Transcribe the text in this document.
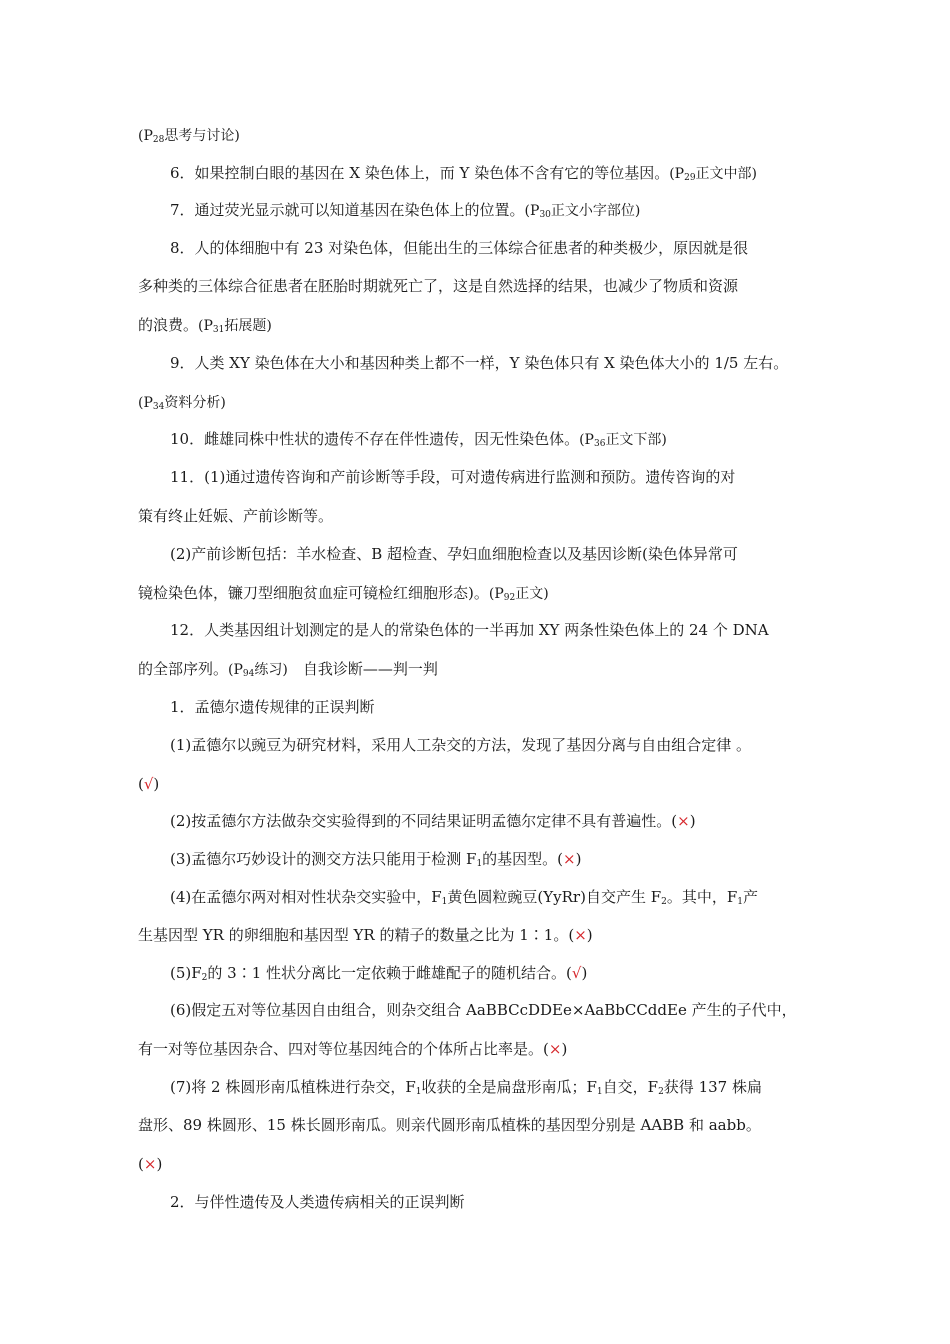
($P_{28}$思考与讨论)
6．如果控制白眼的基因在 X 染色体上，而 Y 染色体不含有它的等位基因。($P_{29}$正文中部)
7．通过荧光显示就可以知道基因在染色体上的位置。($P_{30}$正文小字部位)
8．人的体细胞中有 23 对染色体，但能出生的三体综合征患者的种类极少，原因就是很
多种类的三体综合征患者在胚胎时期就死亡了，这是自然选择的结果，也减少了物质和资源
的浪费。($P_{31}$拓展题)
9．人类 XY 染色体在大小和基因种类上都不一样，Y 染色体只有 X 染色体大小的 1/5 左右。
($P_{34}$资料分析)
10．雌雄同株中性状的遗传不存在伴性遗传，因无性染色体。($P_{36}$正文下部)
11．(1)通过遗传咨询和产前诊断等手段，可对遗传病进行监测和预防。遗传咨询的对
策有终止妊娠、产前诊断等。
(2)产前诊断包括：羊水检查、B 超检查、孕妇血细胞检查以及基因诊断(染色体异常可
镜检染色体，镰刀型细胞贫血症可镜检红细胞形态)。($P_{92}$正文)
12．人类基因组计划测定的是人的常染色体的一半再加 XY 两条性染色体上的 24 个 DNA
的全部序列。($P_{94}$练习)　自我诊断——判一判
1．孟德尔遗传规律的正误判断
(1)孟德尔以豌豆为研究材料，采用人工杂交的方法，发现了基因分离与自由组合定律 。
(√)
(2)按孟德尔方法做杂交实验得到的不同结果证明孟德尔定律不具有普遍性。(×)
(3)孟德尔巧妙设计的测交方法只能用于检测 $F_1$的基因型。(×)
(4)在孟德尔两对相对性状杂交实验中，$F_1$黄色圆粒豌豆(YyRr)自交产生 $F_2$。其中，$F_1$产
生基因型 YR 的卵细胞和基因型 YR 的精子的数量之比为 1∶1。(×)
$(5)F_2$的 3∶1 性状分离比一定依赖于雌雄配子的随机结合。(√)
(6)假定五对等位基因自由组合，则杂交组合 AaBBCcDDEe×AaBbCCddEe 产生的子代中，
有一对等位基因杂合、四对等位基因纯合的个体所占比率是。(×)
(7)将 2 株圆形南瓜植株进行杂交，$F_1$收获的全是扁盘形南瓜；$F_1$自交，$F_2$获得 137 株扁
盘形、89 株圆形、15 株长圆形南瓜。则亲代圆形南瓜植株的基因型分别是 AABB 和 aabb。
(×)
2．与伴性遗传及人类遗传病相关的正误判断
